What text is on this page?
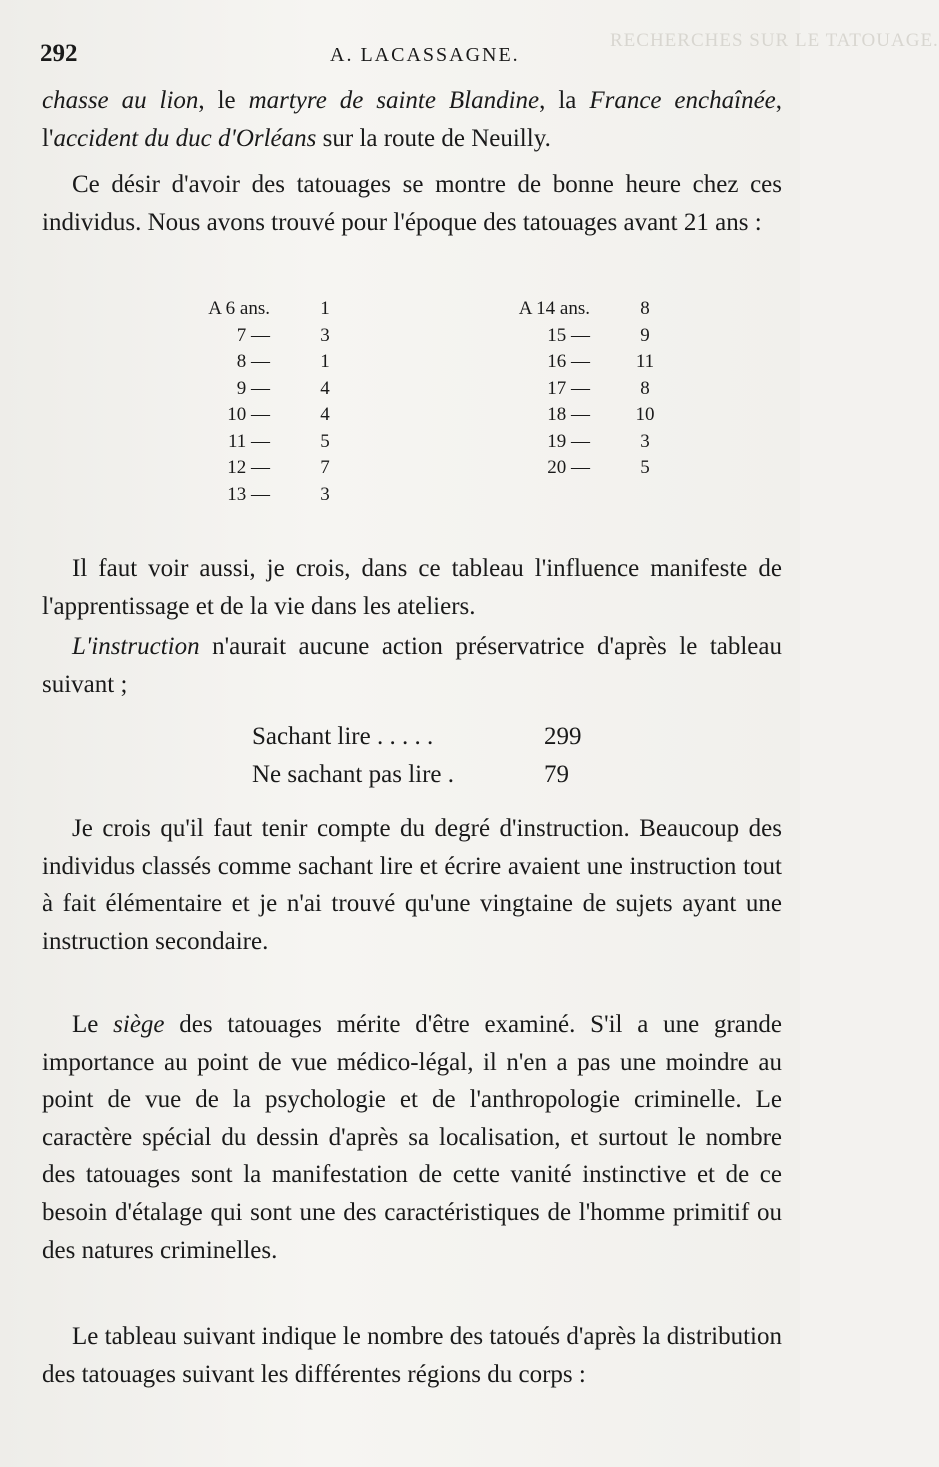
RECHERCHES SUR LE TATOUAGE.
292	A. LACASSAGNE.

chasse au lion, le martyre de sainte Blandine, la France enchaînée, l'accident du duc d'Orléans sur la route de Neuilly.

Ce désir d'avoir des tatouages se montre de bonne heure chez ces individus. Nous avons trouvé pour l'époque des tatouages avant 21 ans :

A 6 ans.	1
7 —	3
8 —	1
9 —	4
10 —	4
11 —	5
12 —	7
13 —	3
A 14 ans.	8
15 —	9
16 —	11
17 —	8
18 — 10
19 —	3
20 —	5

Il faut voir aussi, je crois, dans ce tableau l'influence manifeste de l'apprentissage et de la vie dans les ateliers.

L'instruction n'aurait aucune action préservatrice d'après le tableau suivant ;

Sachant lire . . . . .	299
Ne sachant pas lire .	79

Je crois qu'il faut tenir compte du degré d'instruction. Beaucoup des individus classés comme sachant lire et écrire avaient une instruction tout à fait élémentaire et je n'ai trouvé qu'une vingtaine de sujets ayant une instruction secondaire.

Le siège des tatouages mérite d'être examiné. S'il a une grande importance au point de vue médico-légal, il n'en a pas une moindre au point de vue de la psychologie et de l'anthropologie criminelle. Le caractère spécial du dessin d'après sa localisation, et surtout le nombre des tatouages sont la manifestation de cette vanité instinctive et de ce besoin d'étalage qui sont une des caractéristiques de l'homme primitif ou des natures criminelles.

Le tableau suivant indique le nombre des tatoués d'après la distribution des tatouages suivant les différentes régions du corps :
